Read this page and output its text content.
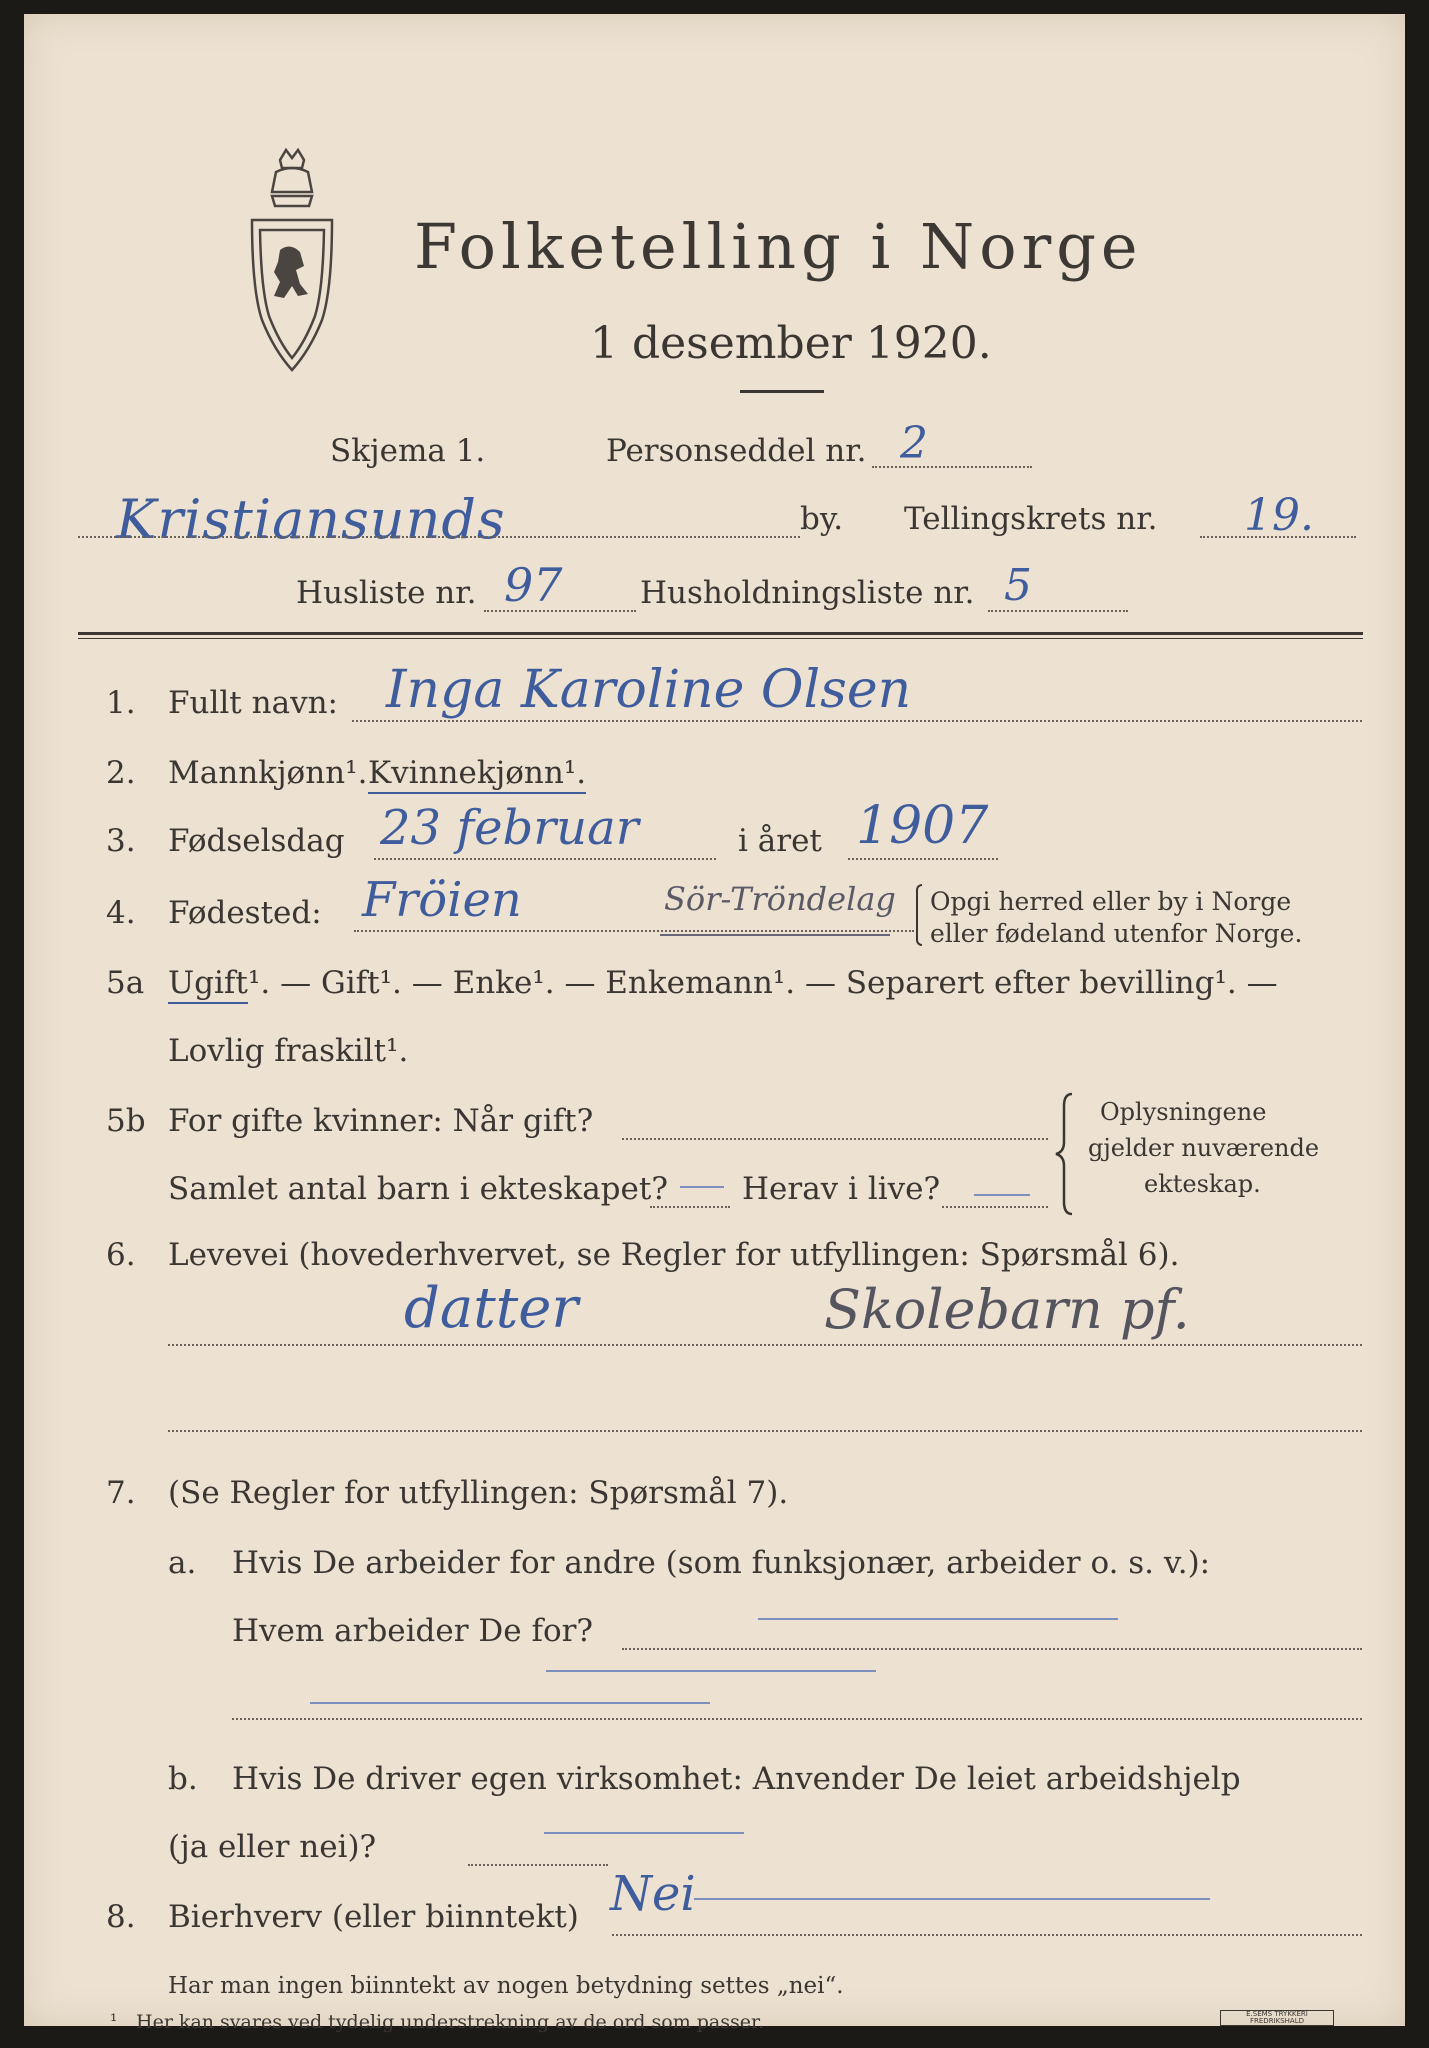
Folketelling i Norge
1 desember 1920.
Skjema 1.	Personseddel nr. 2
Kristiansunds	by. Tellingskrets nr. 19.
Husliste nr. 97 Husholdningsliste nr. 5
1.	Fullt navn: Inga Karoline Olsen
2.	Mannkjønn¹. Kvinnekjønn¹.
3.	Fødselsdag 23 februar	i året 1907
4.	Fødested: Fröien	Sör-Tröndelag Opgi herred eller by i Norge
eller fødeland utenfor Norge.
5a Ugift ¹. — Gift¹. — Enke¹. — Enkemann¹. — Separert efter bevilling¹. —
Lovlig fraskilt¹.
5b For gifte kvinner: Når gift?
Samlet antal barn i ekteskapet? Herav i live?
Oplysningene
gjelder nuværende
ekteskap.
6.	Levevei (hovederhvervet, se Regler for utfyllingen: Spørsmål 6).
datter	Skolebarn pf.
7.	(Se Regler for utfyllingen: Spørsmål 7).
a. Hvis De arbeider for andre (som funksjonær, arbeider o. s. v.):
Hvem arbeider De for?
b. Hvis De driver egen virksomhet: Anvender De leiet arbeidshjelp
(ja eller nei)?
8.	Bierhverv (eller biinntekt) Nei
Har man ingen biinntekt av nogen betydning settes „nei“.
¹ Her kan svares ved tydelig understrekning av de ord som passer.	E.SEMS TRYKKERI
FREDRIKSHALD
